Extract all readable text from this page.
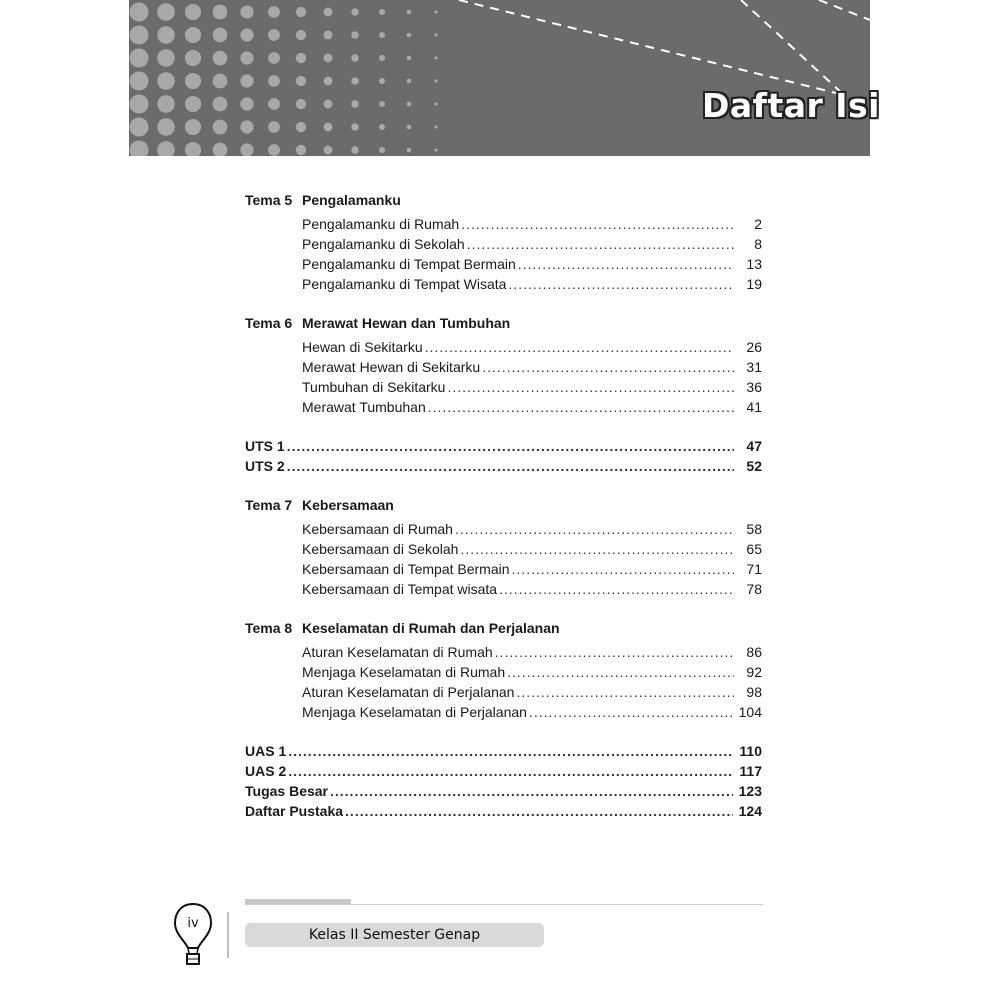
Daftar Isi
Tema 5 Pengalamanku
Pengalamanku di Rumah .....	2
Pengalamanku di Sekolah .....	8
Pengalamanku di Tempat Bermain .....	13
Pengalamanku di Tempat Wisata .....	19
Tema 6 Merawat Hewan dan Tumbuhan
Hewan di Sekitarku .....	26
Merawat Hewan di Sekitarku .....	31
Tumbuhan di Sekitarku .....	36
Merawat Tumbuhan .....	41
UTS 1 .....	47
UTS 2 .....	52
Tema 7 Kebersamaan
Kebersamaan di Rumah .....	58
Kebersamaan di Sekolah .....	65
Kebersamaan di Tempat Bermain .....	71
Kebersamaan di Tempat wisata .....	78
Tema 8 Keselamatan di Rumah dan Perjalanan
Aturan Keselamatan di Rumah .....	86
Menjaga Keselamatan di Rumah .....	92
Aturan Keselamatan di Perjalanan .....	98
Menjaga Keselamatan di Perjalanan .....	104
UAS 1 .....	110
UAS 2 .....	117
Tugas Besar .....	123
Daftar Pustaka .....	124
iv
Kelas II Semester Genap
